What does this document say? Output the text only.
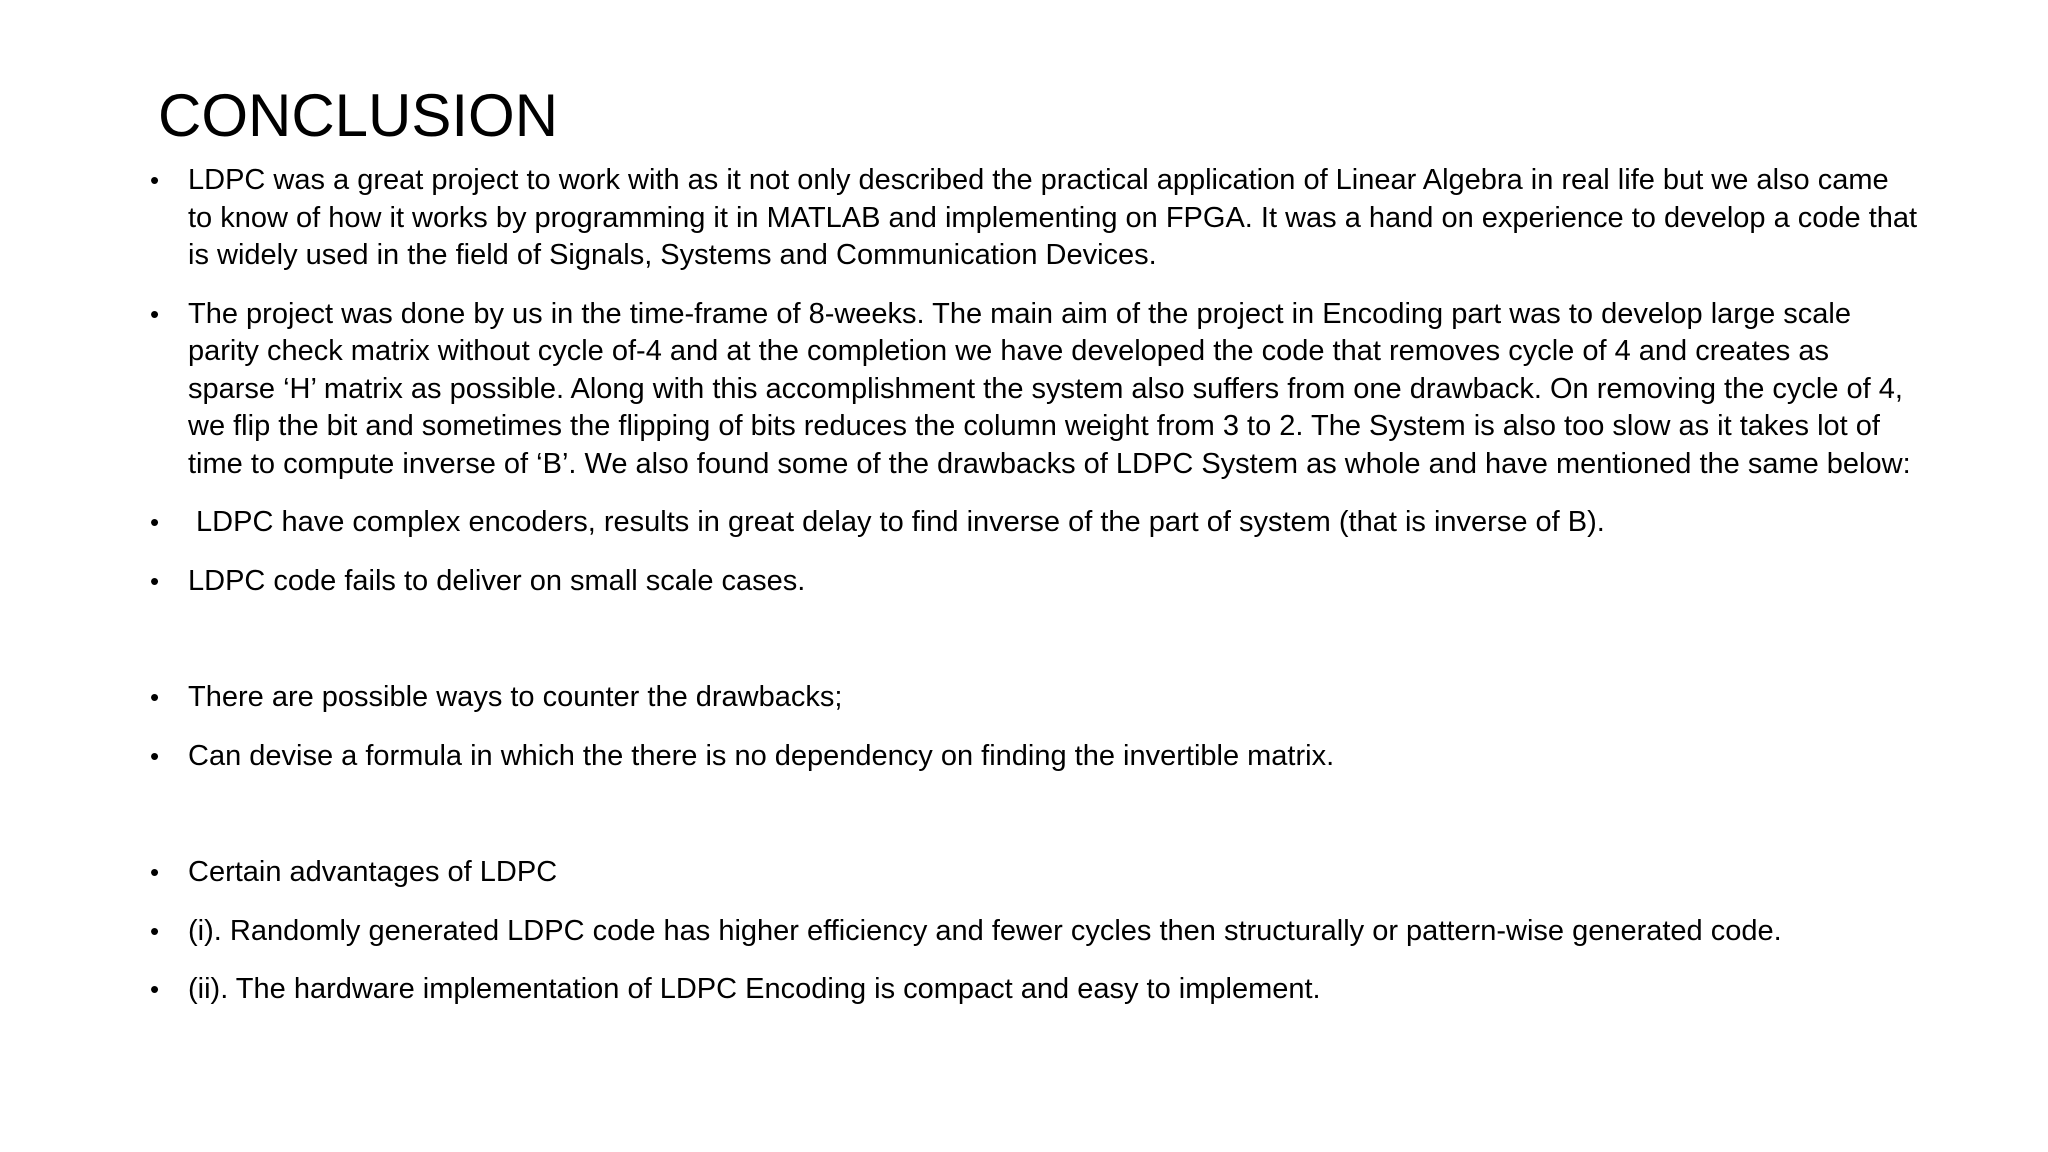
CONCLUSION
• LDPC was a great project to work with as it not only described the practical application of Linear Algebra in real life but we also came to know of how it works by programming it in MATLAB and implementing on FPGA. It was a hand on experience to develop a code that is widely used in the field of Signals, Systems and Communication Devices.
• The project was done by us in the time-frame of 8-weeks. The main aim of the project in Encoding part was to develop large scale parity check matrix without cycle of-4 and at the completion we have developed the code that removes cycle of 4 and creates as sparse ‘H’ matrix as possible. Along with this accomplishment the system also suffers from one drawback. On removing the cycle of 4, we flip the bit and sometimes the flipping of bits reduces the column weight from 3 to 2. The System is also too slow as it takes lot of time to compute inverse of ‘B’. We also found some of the drawbacks of LDPC System as whole and have mentioned the same below:
• LDPC have complex encoders, results in great delay to find inverse of the part of system (that is inverse of B).
• LDPC code fails to deliver on small scale cases.
• There are possible ways to counter the drawbacks;
• Can devise a formula in which the there is no dependency on finding the invertible matrix.
• Certain advantages of LDPC
• (i). Randomly generated LDPC code has higher efficiency and fewer cycles then structurally or pattern-wise generated code.
• (ii). The hardware implementation of LDPC Encoding is compact and easy to implement.
